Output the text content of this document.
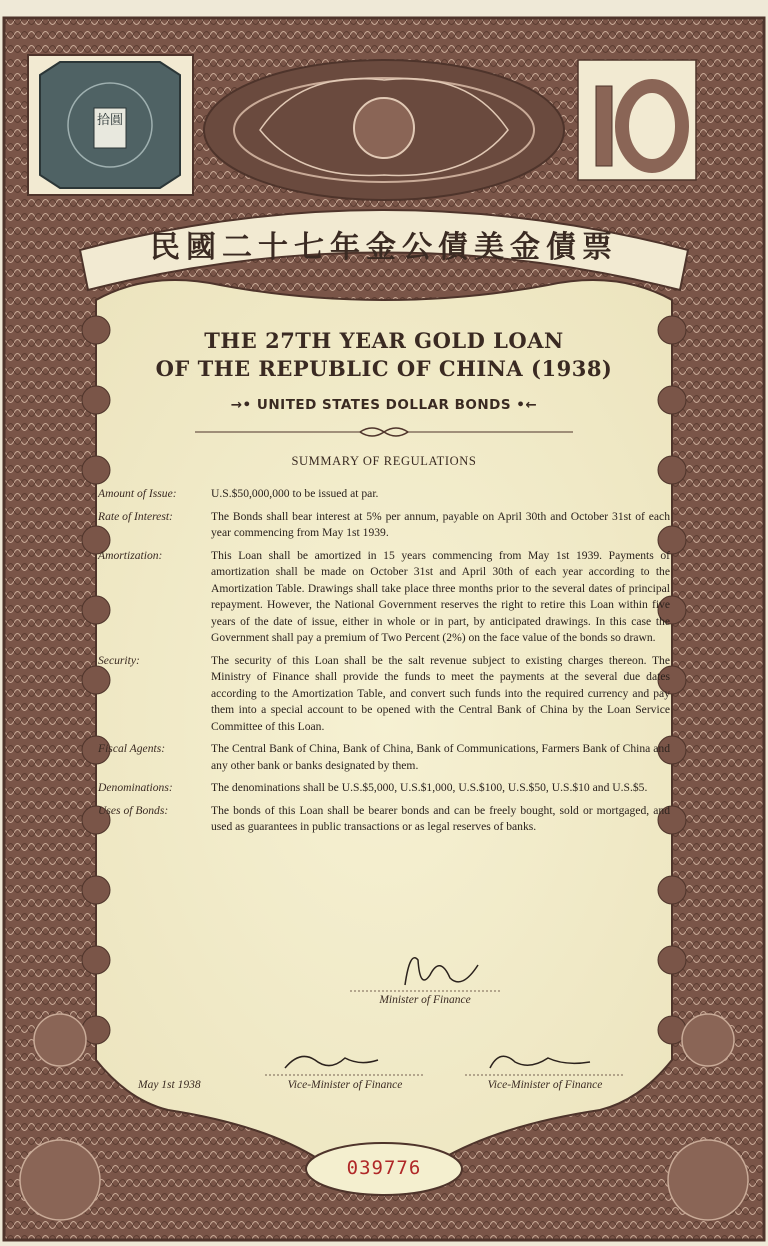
民國二十七年金公債美金債票
拾圓
THE 27TH YEAR GOLD LOAN
OF THE REPUBLIC OF CHINA (1938)
→• UNITED STATES DOLLAR BONDS •←
SUMMARY OF REGULATIONS
Amount of Issue:	U.S.$50,000,000 to be issued at par.
Rate of Interest:	The Bonds shall bear interest at 5% per annum, payable on April 30th and October 31st of each year commencing from May 1st 1939.
Amortization:	This Loan shall be amortized in 15 years commencing from May 1st 1939. Payments of amortization shall be made on October 31st and April 30th of each year according to the Amortization Table. Drawings shall take place three months prior to the several dates of principal repayment. However, the National Government reserves the right to retire this Loan within five years of the date of issue, either in whole or in part, by anticipated drawings. In this case the Government shall pay a premium of Two Percent (2%) on the face value of the bonds so drawn.
Security:	The security of this Loan shall be the salt revenue subject to existing charges thereon. The Ministry of Finance shall provide the funds to meet the payments at the several due dates according to the Amortization Table, and convert such funds into the required currency and pay them into a special account to be opened with the Central Bank of China by the Loan Service Committee of this Loan.
Fiscal Agents:	The Central Bank of China, Bank of China, Bank of Communications, Farmers Bank of China and any other bank or banks designated by them.
Denominations:	The denominations shall be U.S.$5,000, U.S.$1,000, U.S.$100, U.S.$50, U.S.$10 and U.S.$5.
Uses of Bonds:	The bonds of this Loan shall be bearer bonds and can be freely bought, sold or mortgaged, and used as guarantees in public transactions or as legal reserves of banks.
Minister of Finance
May 1st 1938	Vice-Minister of Finance	Vice-Minister of Finance
039776
